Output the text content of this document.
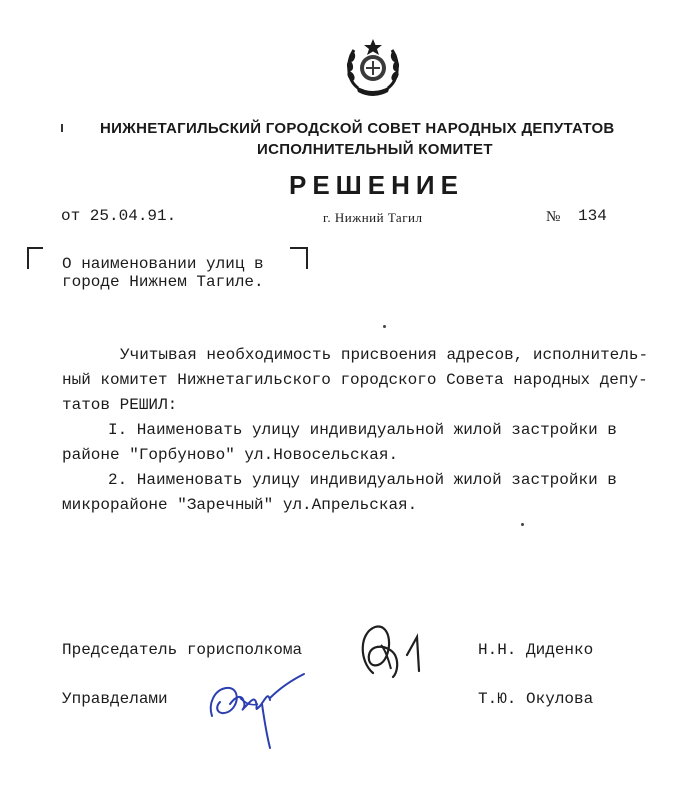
НИЖНЕТАГИЛЬСКИЙ ГОРОДСКОЙ СОВЕТ НАРОДНЫХ ДЕПУТАТОВ
ИСПОЛНИТЕЛЬНЫЙ КОМИТЕТ
РЕШЕНИЕ
от 25.04.91.	г. Нижний Тагил	№ 134
О наименовании улиц в
городе Нижнем Тагиле.
Учитывая необходимость присвоения адресов, исполнитель-
ный комитет Нижнетагильского городского Совета народных депу-
татов РЕШИЛ:
I. Наименовать улицу индивидуальной жилой застройки в
районе "Горбуново" ул.Новосельская.
2. Наименовать улицу индивидуальной жилой застройки в
микрорайоне "Заречный" ул.Апрельская.
Председатель горисполкома	Н.Н. Диденко
Управделами	Т.Ю. Окулова
